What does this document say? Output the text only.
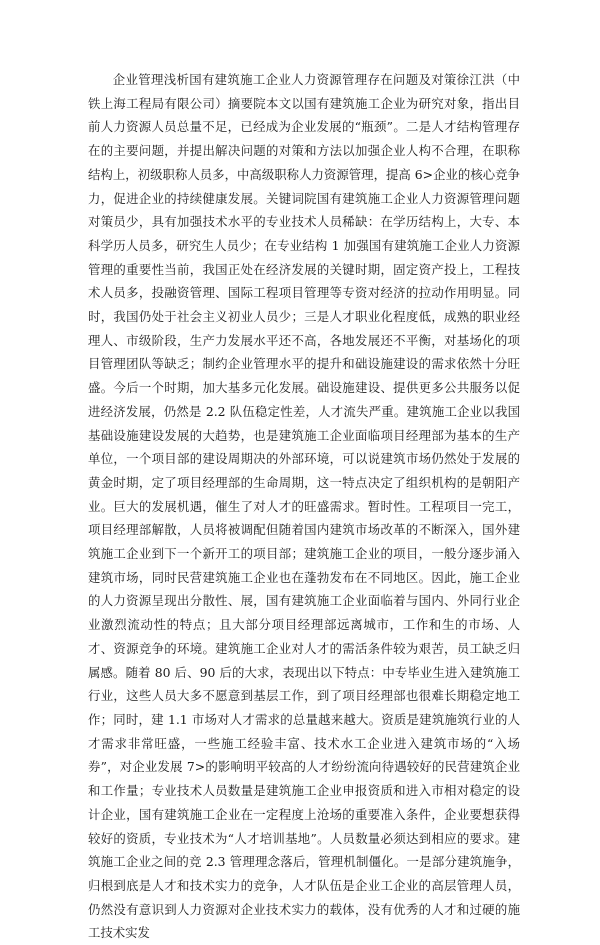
企业管理浅析国有建筑施工企业人力资源管理存在问题及对策徐江洪（中铁上海工程局有限公司）摘要院本文以国有建筑施工企业为研究对象，指出目前人力资源人员总量不足，已经成为企业发展的“瓶颈”。二是人才结构管理存在的主要问题，并提出解决问题的对策和方法以加强企业人构不合理，在职称结构上，初级职称人员多，中高级职称人力资源管理，提高 6>企业的核心竞争力，促进企业的持续健康发展。关键词院国有建筑施工企业人力资源管理问题对策员少，具有加强技术水平的专业技术人员稀缺：在学历结构上，大专、本科学历人员多，研究生人员少；在专业结构 1 加强国有建筑施工企业人力资源管理的重要性当前，我国正处在经济发展的关键时期，固定资产投上，工程技术人员多，投融资管理、国际工程项目管理等专资对经济的拉动作用明显。同时，我国仍处于社会主义初业人员少；三是人才职业化程度低，成熟的职业经理人、市级阶段，生产力发展水平还不高，各地发展还不平衡，对基场化的项目管理团队等缺乏；制约企业管理水平的提升和础设施建设的需求依然十分旺盛。今后一个时期，加大基多元化发展。础设施建设、提供更多公共服务以促进经济发展，仍然是 2.2 队伍稳定性差，人才流失严重。建筑施工企业以我国基础设施建设发展的大趋势，也是建筑施工企业面临项目经理部为基本的生产单位，一个项目部的建设周期决的外部环境，可以说建筑市场仍然处于发展的黄金时期，定了项目经理部的生命周期，这一特点决定了组织机构的是朝阳产业。巨大的发展机遇，催生了对人才的旺盛需求。暂时性。工程项目一完工，项目经理部解散，人员将被调配但随着国内建筑市场改革的不断深入，国外建筑施工企业到下一个新开工的项目部；建筑施工企业的项目，一般分逐步涌入建筑市场，同时民营建筑施工企业也在蓬勃发布在不同地区。因此，施工企业的人力资源呈现出分散性、展，国有建筑施工企业面临着与国内、外同行业企业激烈流动性的特点；且大部分项目经理部远离城市，工作和生的市场、人才、资源竞争的环境。建筑施工企业对人才的需活条件较为艰苦，员工缺乏归属感。随着 80 后、90 后的大求，表现出以下特点：中专毕业生进入建筑施工行业，这些人员大多不愿意到基层工作，到了项目经理部也很难长期稳定地工作；同时，建 1.1 市场对人才需求的总量越来越大。资质是建筑施筑行业的人才需求非常旺盛，一些施工经验丰富、技术水工企业进入建筑市场的“入场券”，对企业发展 7>的影响明平较高的人才纷纷流向待遇较好的民营建筑企业和工作量；专业技术人员数量是建筑施工企业申报资质和进入市相对稳定的设计企业，国有建筑施工企业在一定程度上沧场的重要准入条件，企业要想获得较好的资质，专业技术为“人才培训基地”。人员数量必须达到相应的要求。建筑施工企业之间的竞 2.3 管理理念落后，管理机制僵化。一是部分建筑施争，归根到底是人才和技术实力的竞争，人才队伍是企业工企业的高层管理人员，仍然没有意识到人力资源对企业技术实力的载体，没有优秀的人才和过硬的施工技术实发
